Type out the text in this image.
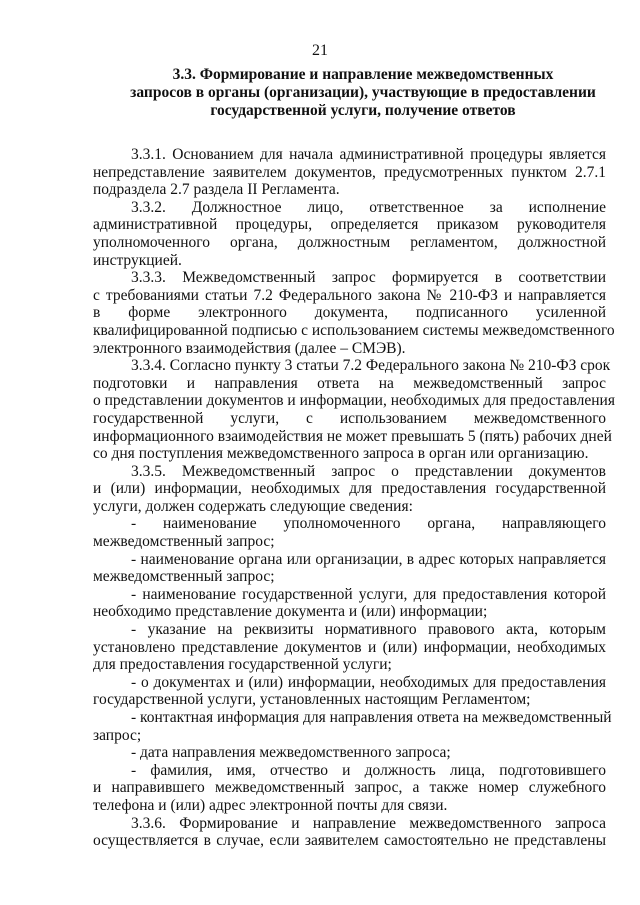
21
3.3. Формирование и направление межведомственных
запросов в органы (организации), участвующие в предоставлении
государственной услуги, получение ответов
3.3.1. Основанием для начала административной процедуры является
непредставление заявителем документов, предусмотренных пунктом 2.7.1
подраздела 2.7 раздела II Регламента.
3.3.2. Должностное лицо, ответственное за исполнение
административной процедуры, определяется приказом руководителя
уполномоченного органа, должностным регламентом, должностной
инструкцией.
3.3.3. Межведомственный запрос формируется в соответствии
с требованиями статьи 7.2 Федерального закона № 210-ФЗ и направляется
в форме электронного документа, подписанного усиленной
квалифицированной подписью с использованием системы межведомственного
электронного взаимодействия (далее – СМЭВ).
3.3.4. Согласно пункту 3 статьи 7.2 Федерального закона № 210-ФЗ срок
подготовки и направления ответа на межведомственный запрос
о представлении документов и информации, необходимых для предоставления
государственной услуги, с использованием межведомственного
информационного взаимодействия не может превышать 5 (пять) рабочих дней
со дня поступления межведомственного запроса в орган или организацию.
3.3.5. Межведомственный запрос о представлении документов
и (или) информации, необходимых для предоставления государственной
услуги, должен содержать следующие сведения:
- наименование уполномоченного органа, направляющего
межведомственный запрос;
- наименование органа или организации, в адрес которых направляется
межведомственный запрос;
- наименование государственной услуги, для предоставления которой
необходимо представление документа и (или) информации;
- указание на реквизиты нормативного правового акта, которым
установлено представление документов и (или) информации, необходимых
для предоставления государственной услуги;
- о документах и (или) информации, необходимых для предоставления
государственной услуги, установленных настоящим Регламентом;
- контактная информация для направления ответа на межведомственный
запрос;
- дата направления межведомственного запроса;
- фамилия, имя, отчество и должность лица, подготовившего
и направившего межведомственный запрос, а также номер служебного
телефона и (или) адрес электронной почты для связи.
3.3.6. Формирование и направление межведомственного запроса
осуществляется в случае, если заявителем самостоятельно не представлены
